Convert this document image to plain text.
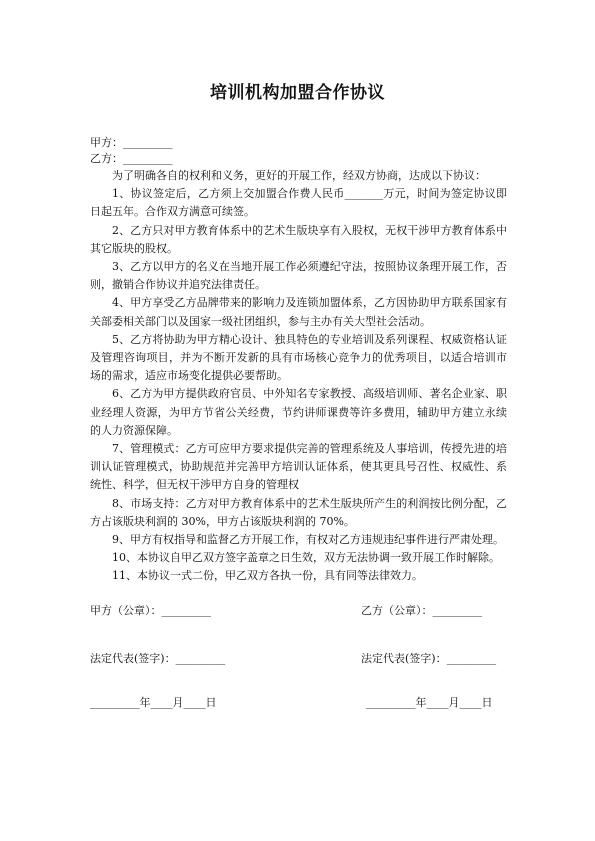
培训机构加盟合作协议
甲方：_________
乙方：_________

为了明确各自的权利和义务，更好的开展工作，经双方协商，达成以下协议：

1、协议签定后，乙方须上交加盟合作费人民币_______万元，时间为签定协议即日起五年。合作双方满意可续签。

2、乙方只对甲方教育体系中的艺术生版块享有入股权，无权干涉甲方教育体系中其它版块的股权。

3、乙方以甲方的名义在当地开展工作必须遵纪守法，按照协议条理开展工作，否则，撤销合作协议并追究法律责任。

4、甲方享受乙方品牌带来的影响力及连锁加盟体系，乙方因协助甲方联系国家有关部委相关部门以及国家一级社团组织，参与主办有关大型社会活动。

5、乙方将协助为甲方精心设计、独具特色的专业培训及系列课程、权威资格认证及管理咨询项目，并为不断开发新的具有市场核心竞争力的优秀项目，以适合培训市场的需求，适应市场变化提供必要帮助。

6、乙方为甲方提供政府官员、中外知名专家教授、高级培训师、著名企业家、职业经理人资源，为甲方节省公关经费，节约讲师课费等许多费用，辅助甲方建立永续的人力资源保障。

7、管理模式：乙方可应甲方要求提供完善的管理系统及人事培训，传授先进的培训认证管理模式，协助规范并完善甲方培训认证体系，使其更具号召性、权威性、系统性、科学，但无权干涉甲方自身的管理权

8、市场支持：乙方对甲方教育体系中的艺术生版块所产生的利润按比例分配，乙方占该版块利润的 30%，甲方占该版块利润的 70%。

9、甲方有权指导和监督乙方开展工作，有权对乙方违规违纪事件进行严肃处理。

10、本协议自甲乙双方签字盖章之日生效，双方无法协调一致开展工作时解除。

11、本协议一式二份，甲乙双方各执一份，具有同等法律效力。

甲方（公章）：_________	乙方（公章）：_________
法定代表(签字)：_________	法定代表(签字)：_________
_________年____月____日	_________年____月____日
